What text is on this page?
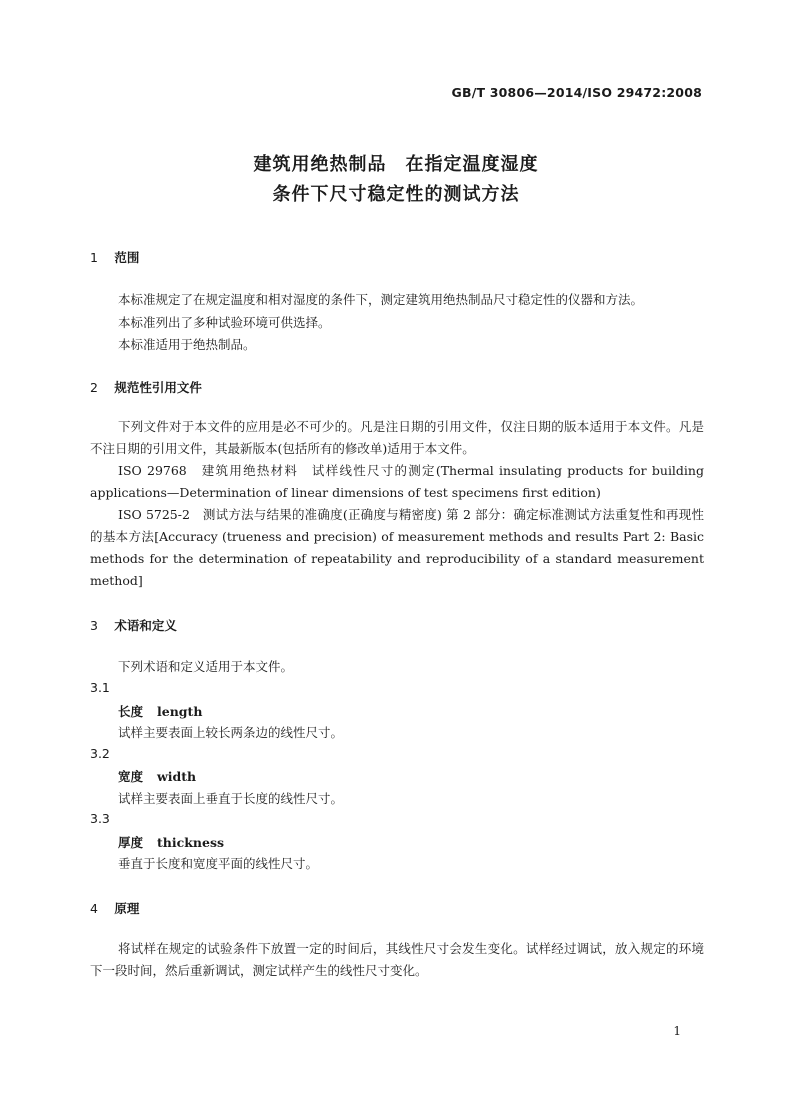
GB/T 30806—2014/ISO 29472:2008
建筑用绝热制品　在指定温度湿度
条件下尺寸稳定性的测试方法
1 范围
本标准规定了在规定温度和相对湿度的条件下，测定建筑用绝热制品尺寸稳定性的仪器和方法。
本标准列出了多种试验环境可供选择。
本标准适用于绝热制品。
2 规范性引用文件
下列文件对于本文件的应用是必不可少的。凡是注日期的引用文件，仅注日期的版本适用于本文件。凡是不注日期的引用文件，其最新版本(包括所有的修改单)适用于本文件。
ISO 29768　建筑用绝热材料　试样线性尺寸的测定(Thermal insulating products for building applications—Determination of linear dimensions of test specimens first edition)
ISO 5725-2　测试方法与结果的准确度(正确度与精密度) 第 2 部分：确定标准测试方法重复性和再现性的基本方法[Accuracy (trueness and precision) of measurement methods and results Part 2: Basic methods for the determination of repeatability and reproducibility of a standard measurement method]
3 术语和定义
下列术语和定义适用于本文件。
3.1
长度 length
试样主要表面上较长两条边的线性尺寸。
3.2
宽度 width
试样主要表面上垂直于长度的线性尺寸。
3.3
厚度 thickness
垂直于长度和宽度平面的线性尺寸。
4 原理
将试样在规定的试验条件下放置一定的时间后，其线性尺寸会发生变化。试样经过调试，放入规定的环境下一段时间，然后重新调试，测定试样产生的线性尺寸变化。
1
